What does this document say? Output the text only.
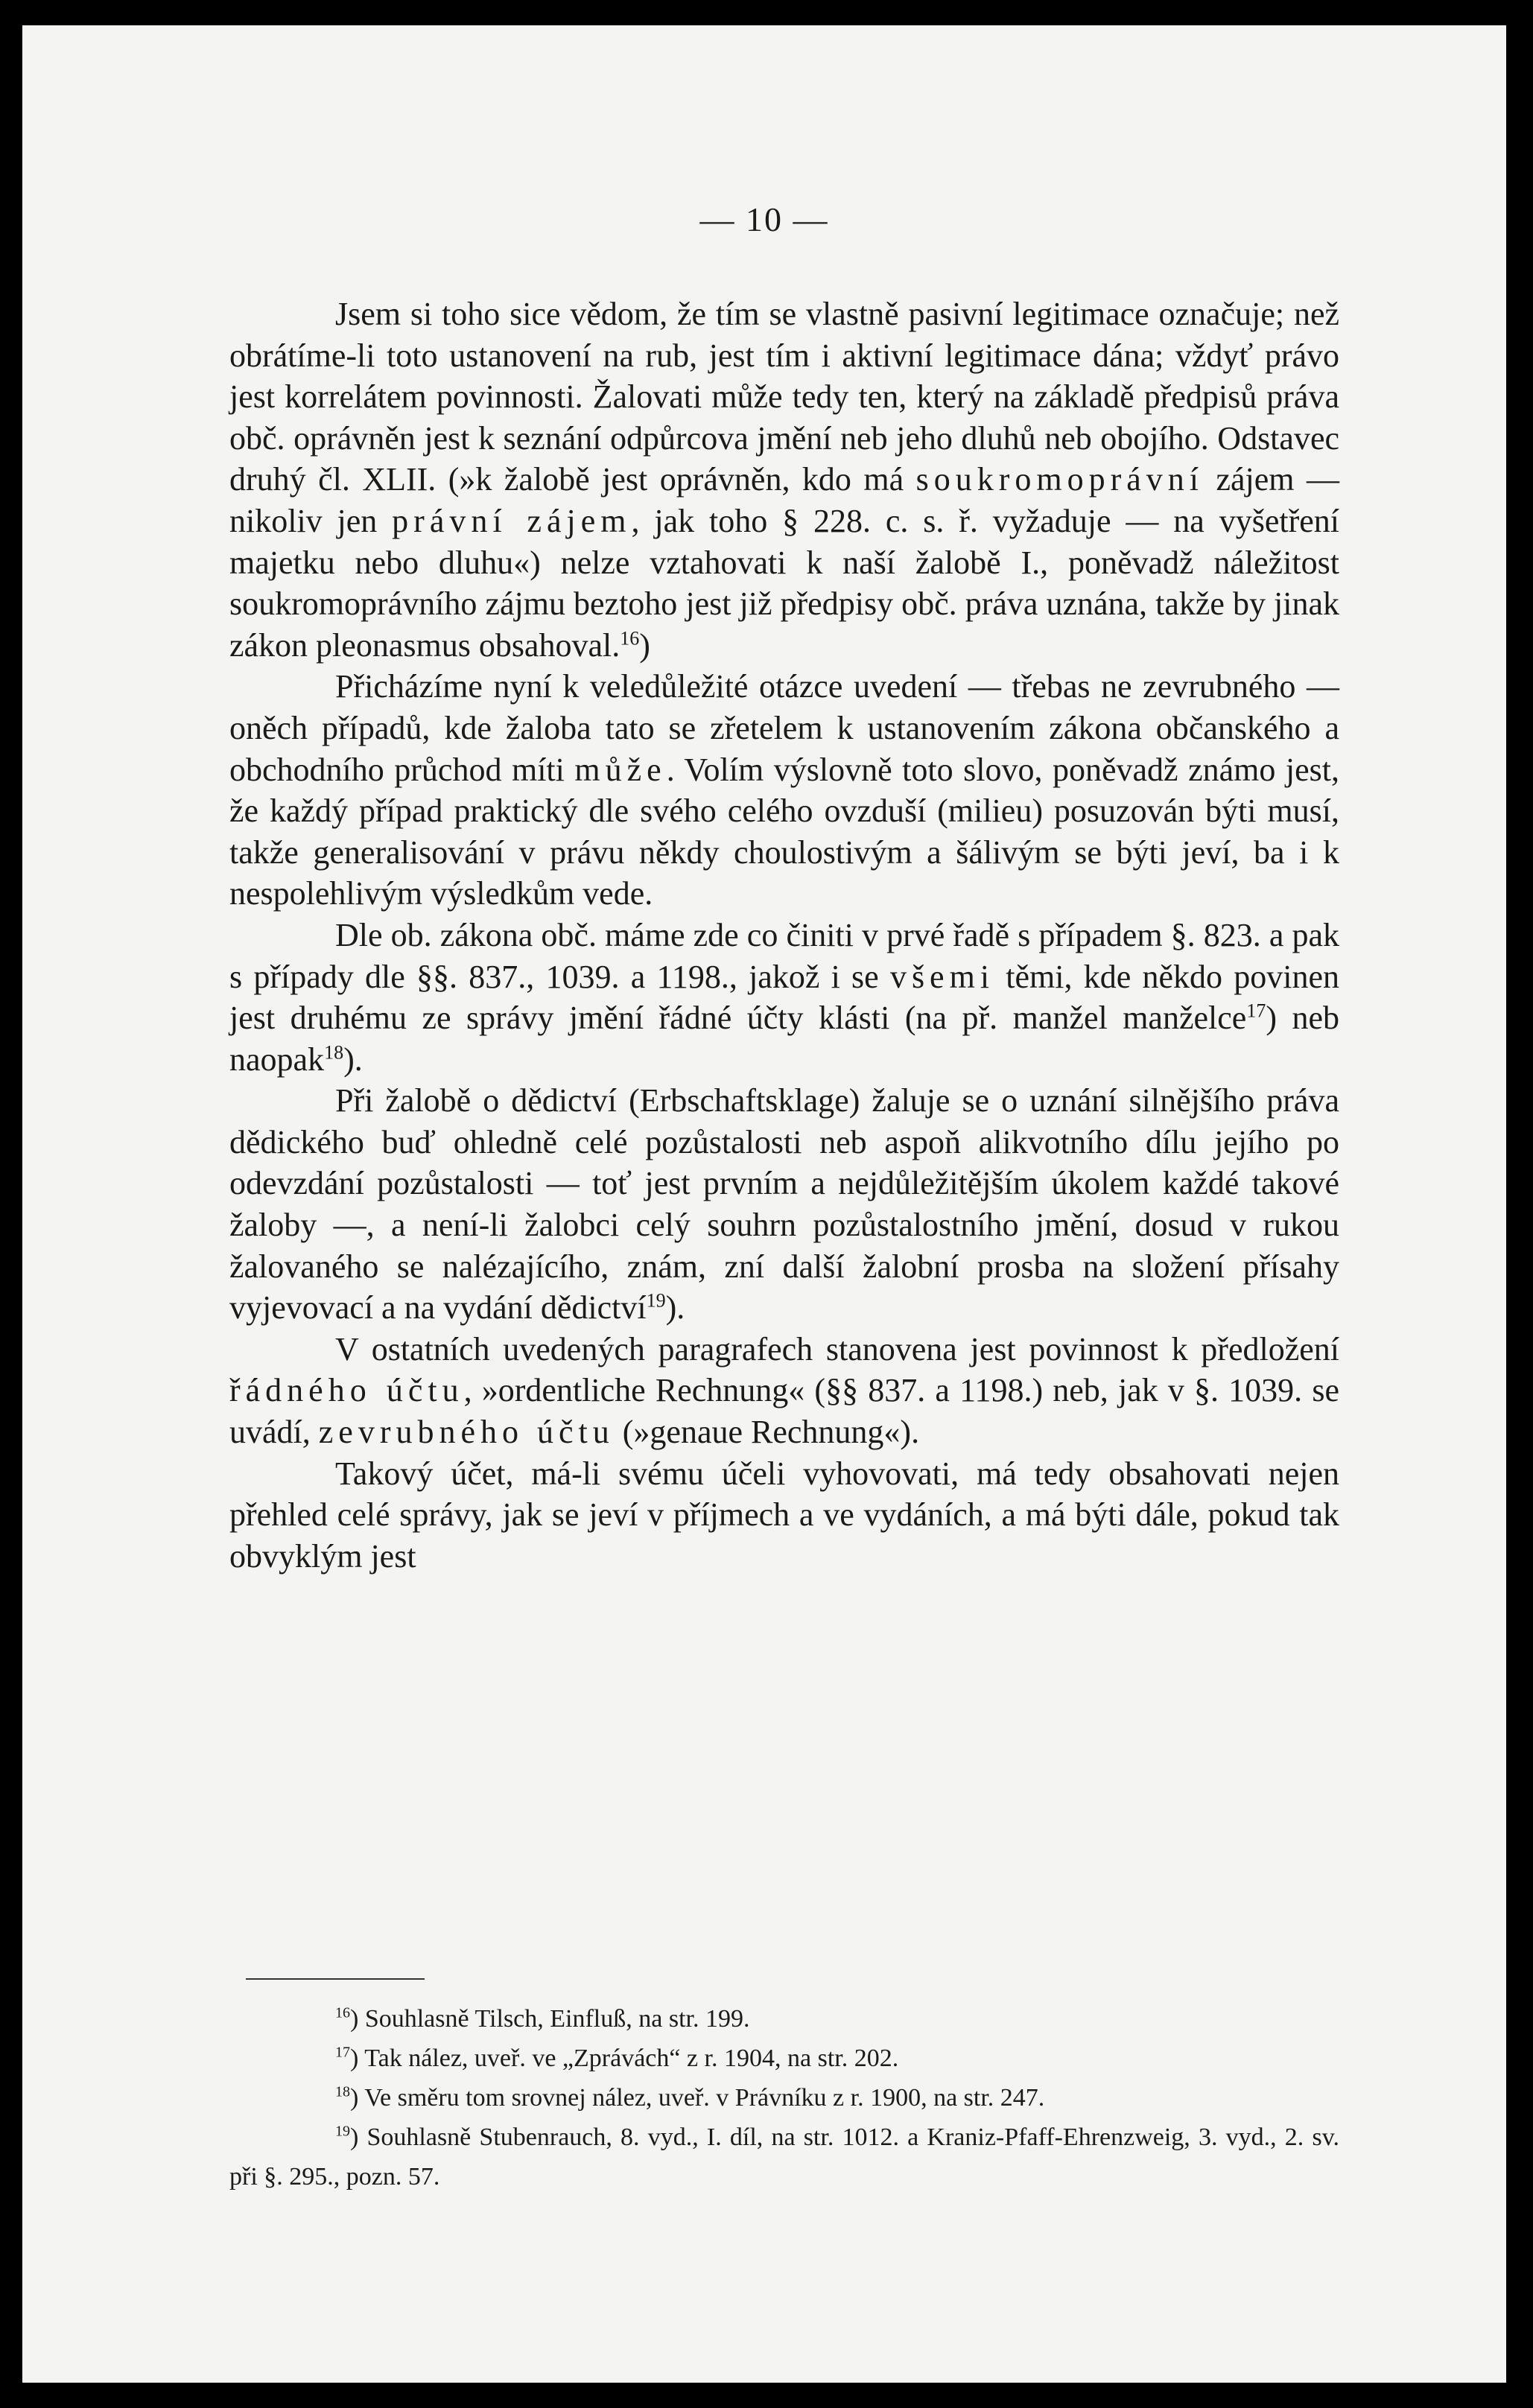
— 10 —

Jsem si toho sice vědom, že tím se vlastně pasivní legitimace označuje; než obrátíme-li toto ustanovení na rub, jest tím i aktivní legitimace dána; vždyť právo jest korrelátem povinnosti. Žalovati může tedy ten, který na základě předpisů práva obč. oprávněn jest k seznání odpůrcova jmění neb jeho dluhů neb obojího. Odstavec druhý čl. XLII. (»k žalobě jest oprávněn, kdo má soukromoprávní zájem — nikoliv jen právní zájem, jak toho § 228. c. s. ř. vyžaduje — na vyšetření majetku nebo dluhu«) nelze vztahovati k naší žalobě I., poněvadž náležitost soukromoprávního zájmu beztoho jest již předpisy obč. práva uznána, takže by jinak zákon pleonasmus obsahoval.$^{16}$)

Přicházíme nyní k veledůležité otázce uvedení — třebas ne zevrubného — oněch případů, kde žaloba tato se zřetelem k ustanovením zákona občanského a obchodního průchod míti může. Volím výslovně toto slovo, poněvadž známo jest, že každý případ praktický dle svého celého ovzduší (milieu) posuzován býti musí, takže generalisování v právu někdy choulostivým a šálivým se býti jeví, ba i k nespolehlivým výsledkům vede.

Dle ob. zákona obč. máme zde co činiti v prvé řadě s případem §. 823. a pak s případy dle §§. 837., 1039. a 1198., jakož i se všemi těmi, kde někdo povinen jest druhému ze správy jmění řádné účty klásti (na př. manžel manželce$^{17}$) neb naopak$^{18}$).

Při žalobě o dědictví (Erbschaftsklage) žaluje se o uznání silnějšího práva dědického buď ohledně celé pozůstalosti neb aspoň alikvotního dílu jejího po odevzdání pozůstalosti — toť jest prvním a nejdůležitějším úkolem každé takové žaloby —, a není-li žalobci celý souhrn pozůstalostního jmění, dosud v rukou žalovaného se nalézajícího, znám, zní další žalobní prosba na složení přísahy vyjevovací a na vydání dědictví$^{19}$).

V ostatních uvedených paragrafech stanovena jest povinnost k předložení řádného účtu, »ordentliche Rechnung« (§§ 837. a 1198.) neb, jak v §. 1039. se uvádí, zevrubného účtu (»genaue Rechnung«).

Takový účet, má-li svému účeli vyhovovati, má tedy obsahovati nejen přehled celé správy, jak se jeví v příjmech a ve vydáních, a má býti dále, pokud tak obvyklým jest

$^{16}$) Souhlasně Tilsch, Einfluß, na str. 199.

$^{17}$) Tak nález, uveř. ve „Zprávách“ z r. 1904, na str. 202.

$^{18}$) Ve směru tom srovnej nález, uveř. v Právníku z r. 1900, na str. 247.

$^{19}$) Souhlasně Stubenrauch, 8. vyd., I. díl, na str. 1012. a Kraniz-Pfaff-Ehrenzweig, 3. vyd., 2. sv. při §. 295., pozn. 57.
